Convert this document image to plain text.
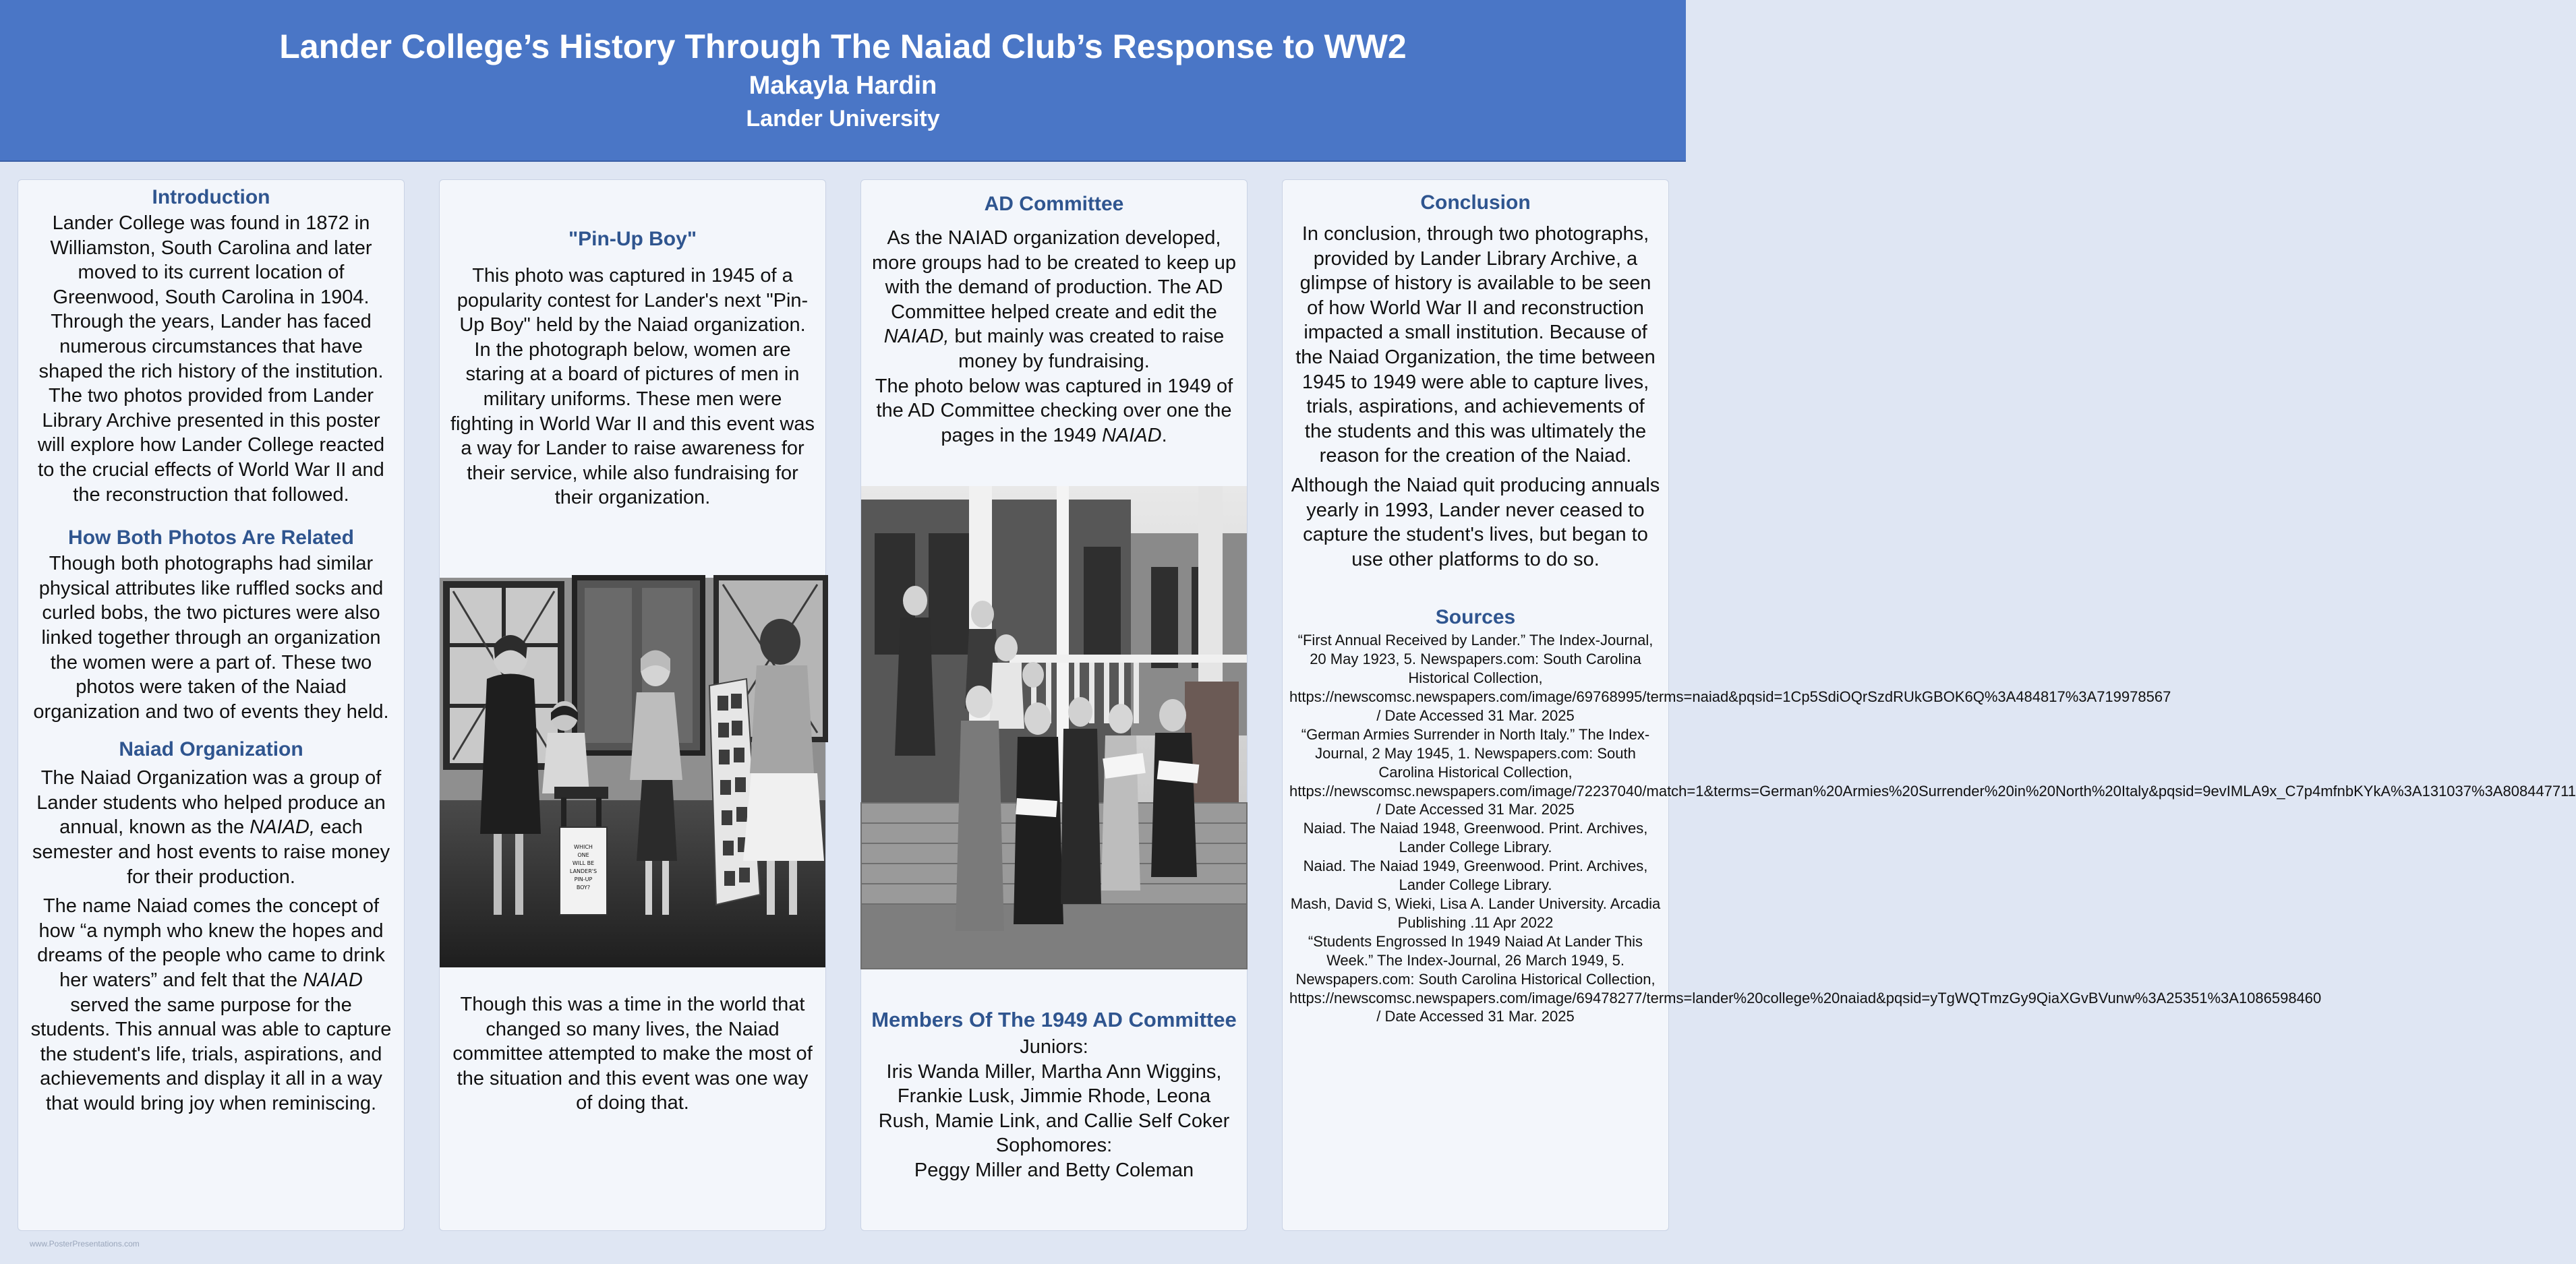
Lander College’s History Through The Naiad Club’s Response to WW2
Makayla Hardin
Lander University
Introduction
Lander College was found in 1872 in Williamston, South Carolina and later moved to its current location of Greenwood, South Carolina in 1904. Through the years, Lander has faced numerous circumstances that have shaped the rich history of the institution. The two photos provided from Lander Library Archive presented in this poster will explore how Lander College reacted to the crucial effects of World War II and the reconstruction that followed.
How Both Photos Are Related
Though both photographs had similar physical attributes like ruffled socks and curled bobs, the two pictures were also linked together through an organization the women were a part of. These two photos were taken of the Naiad organization and two of events they held.
Naiad Organization
The Naiad Organization was a group of Lander students who helped produce an annual, known as the NAIAD, each semester and host events to raise money for their production.
The name Naiad comes the concept of how “a nymph who knew the hopes and dreams of the people who came to drink her waters” and felt that the NAIAD served the same purpose for the students. This annual was able to capture the student's life, trials, aspirations, and achievements and display it all in a way that would bring joy when reminiscing.
"Pin-Up Boy"
This photo was captured in 1945 of a popularity contest for Lander's next "Pin-Up Boy" held by the Naiad organization. In the photograph below, women are staring at a board of pictures of men in military uniforms. These men were fighting in World War II and this event was a way for Lander to raise awareness for their service, while also fundraising for their organization.
WHICH
ONE
WILL BE
LANDER'S
PIN-UP
BOY?
Though this was a time in the world that changed so many lives, the Naiad committee attempted to make the most of the situation and this event was one way of doing that.
AD Committee
As the NAIAD organization developed, more groups had to be created to keep up with the demand of production. The AD Committee helped create and edit the NAIAD, but mainly was created to raise money by fundraising.
The photo below was captured in 1949 of the AD Committee checking over one the pages in the 1949 NAIAD.
Members Of The 1949 AD Committee
Juniors:
Iris Wanda Miller, Martha Ann Wiggins, Frankie Lusk, Jimmie Rhode, Leona Rush, Mamie Link, and Callie Self Coker
Sophomores:
Peggy Miller and Betty Coleman
Conclusion
In conclusion, through two photographs, provided by Lander Library Archive, a glimpse of history is available to be seen of how World War II and reconstruction impacted a small institution. Because of the Naiad Organization, the time between 1945 to 1949 were able to capture lives, trials, aspirations, and achievements of the students and this was ultimately the reason for the creation of the Naiad.
Although the Naiad quit producing annuals yearly in 1993, Lander never ceased to capture the student's lives, but began to use other platforms to do so.
Sources
“First Annual Received by Lander.” The Index-Journal, 20 May 1923, 5. Newspapers.com: South Carolina Historical Collection, https://newscomsc.newspapers.com/image/69768995/terms=naiad&pqsid=1Cp5SdiOQrSzdRUkGBOK6Q%3A484817%3A719978567 / Date Accessed 31 Mar. 2025
“German Armies Surrender in North Italy.” The Index-Journal, 2 May 1945, 1. Newspapers.com: South Carolina Historical Collection, https://newscomsc.newspapers.com/image/72237040/match=1&terms=German%20Armies%20Surrender%20in%20North%20Italy&pqsid=9evIMLA9x_C7p4mfnbKYkA%3A131037%3A808447711 / Date Accessed 31 Mar. 2025
Naiad. The Naiad 1948, Greenwood. Print. Archives, Lander College Library.
Naiad. The Naiad 1949, Greenwood. Print. Archives, Lander College Library.
Mash, David S, Wieki, Lisa A. Lander University. Arcadia Publishing .11 Apr 2022
“Students Engrossed In 1949 Naiad At Lander This Week.” The Index-Journal, 26 March 1949, 5. Newspapers.com: South Carolina Historical Collection, https://newscomsc.newspapers.com/image/69478277/terms=lander%20college%20naiad&pqsid=yTgWQTmzGy9QiaXGvBVunw%3A25351%3A1086598460 / Date Accessed 31 Mar. 2025
www.PosterPresentations.com
